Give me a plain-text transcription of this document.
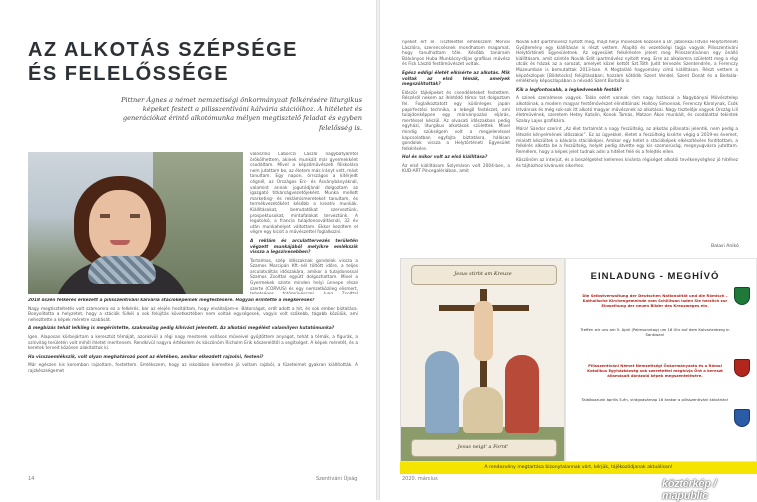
AZ ALKOTÁS SZÉPSÉGE
ÉS FELELŐSSÉGE
Pittner Ágnes a német nemzetiségi önkormányzat felkérésére liturgikus képeket festett a pilisszentiváni kálvária stációihoz. A hitéletet és generációkat érintő alkotómunka mélyen megtisztelő feladat és egyben felelősség is.

2018 őszén felkérés érkezett a pilisszentiváni kálvária stációképeinek megfestésére. Hogyan érintette a megkeresés?

Nagy megtiszteltetés volt számomra ez a felkérés, bár az elején hezitáltam, hogy elvállaljam-e. Bátorságot, erőt adott a hit, és sok ember biztatása. Bonyolította a helyzetet, hogy a stációk fülkéi a sok felújítás következtében nem voltak egységesek, vagyis volt szűkebb, tágabb közülük, ami nehezítette a képek méretre szabását.

A megbízás tehát lelkileg is megérintette, szakmailag pedig kihívást jelentett. Az alkotási megélést valamilyen kutatómunka?

Igen. Alaposan körbejártam a keresztút témáját, azonkívül a régi nagy mesterek vallásos műveivel gyűjtöttem anyagot, tehát a témák, a figurák, a színvilág területén volt mihől ihletet merítenem. Rendkívül nagyra értékelem és köszönöm Richolm Erik kőszerelőtől a segítséget. A képek méretét, és a keretek terveit közösen alakítottuk ki.

Ha visszaemlékszik, volt olyan meghatározó pont az életében, amikor elkezdett rajzolni, festeni?

Már egészen kis koromban rajzoltam, festettem. Emlékszem, hogy az iskolában kiemelten jó voltam rajzból, a füzeteimet gyakran kiállították. A rajzkészségemet

valószínű Laborczi László nagybátyámtól örökölhettem, akinek munkáit már gyermekként csodáltam. Mivel a képzőművészeti főiskolára nem jutottam be, az életem más irányt vett, mást tanultam. Egy napon, órrszágos a kitérjedt cégnél, az Országos Erc- és Ásványbányáknál, valamint annak jogutódjánál dolgoztam az igazgató titkárságvezetőjeként. Munka mellett marketing- és reklámismereteket tanultam, és termékvezetőként később a kreatív munkák. Kiállításokat, bemutatókat szerveztünk, prospektusokat, mintafalakat terveztünk. A legutolsó, a francia tulajdonosváltásnál, 32 év után munkahelyet váltottam. Ekkor kezdtem el végre egy kicsit a művészettel foglalkozni.

A reklám és arculattervezés területén végzett munkájából melyikre emlékszik vissza a legszívesebben?

Tartalmas, szép időszaknak gondolok vissza a Szamos Marcipán Kft.-nél töltött időre, a teljes arculatváltás időszakára, amikor a tulajdonossal Szamos Zsolttal együtt dolgozhattam. Mivel a Gyermekek szinte minden helyi ünnepe része szerte (CORVUS) és egy nemzetközileg elismert,

14	Szentiváni Újság

nyeket ért el. Tisztelettel emlékszem Morvai Lászlóra, szerencsésnek mondhatom magamat, hogy tanulhattam tőle. Később tanáraim Bálványos Huba Munkácsy-díjas grafikus művész és Fick László festőművészet voltak.

Egész eddigi életét elkísérte az alkotás. Mik voltak az első témák, amelyek megszólították?

Először tájképeket és csendéleteket festettem. Részéről nekem az ihletődő téma: tat dolgoztam fel. Foglalkoztatott egy különleges japán papírfestési technika, a lebegő festészet, ami tulajdonképpen egy márványozási eljárás, mertéssel készül. Az olvasati időszakban pedig egyházi, liturgikus alkotások születtek. Mivel mindig szükségem volt a megjelenéssel kapcsolatban egyfajta biztatásra, hálásan gondolok vissza a Helytörténeti Egyesület felkérésére.

Hol és mikor volt az első kiállítása?

Az első kiállításom Solymáron volt 2004-ben, a KUD-ART Pincegalériában, amit

Novák Edit ipartművész nyitott meg, majd helyi művészek közösen a Dr. Jablonkai István Helytörténeti Gyűjtemény egy kiállításán is részt vettem. Alapító és vezetőségi tagja vagyok Pilisszentiváni Helytörténeti Egyesületnek. Az egyesület felkérésére jelent meg Pilisszentivánon egy önálló kiállításom, amit szintén Novák Edit ipartművész nyitott meg. Erre az alkalomra született meg a régi utcák és házak az a sorozat, amelyet közel kettőt Szt.Tóth Judit tervezés Szentendrén, a Ferenczy Múzeumban is bemutattak 2013-ban. A Megtaláló hagyomány című kiállításon. Részt vettem a képzőszlopok [Bildstocks] felújításában; hozzám kötődik Szent Vendel, Szent Donát és a Borbála-emlékhely képoszlopában a névadó Szent Borbála is.

Kik a legfontosabb, a legkedvesebb festők?

A szinek szeralmese vagyok. Talán ezért vannak rám nagy hatással a Nagybányai Művésztelep alkotóinak, a modern magyar festőművészet elindítóinak: Hollósy Simonnak, Ferenczy Károlynak, Csók Istvánnak és még sok-sok itt alkotó magyar művésznek az alkotásai. Nagy tisztelője vagyok Ország Lili életművének, szeretem Hetey Katalin, Konok Tamás, Matzon Ákos munkáit, és csodálattal tekintek Szalay Lajos grafikáira.

Mára! Sándor szerint „Az élet tartalmát a nagy feszültség, az alkotás pillanatai jelentik, nem pedig a létezés kényelmének időszakai”. Ez az ügyekkel, életet a feszültség kisérte végig a 2019-es évemet, mialatt készültek a kálvária stációképei. Amikor egy hetet a stációképek elkészítésére fordítottam, a felkérés alkotta be a feszültség, helyét pedig átvette egy kis szomorúság, megnyugvásra jutottam. Remélem, hogy a képek jelet tudnak adni a hitélet felé és a felejtés ellen.

Köszönöm az interjút, és a beszélgetést kellemes kívánta régiséget alkotói tevékenységhez jó hitéhez és tájházhoz kívánunk sikerhez.

2020. március
Balasi Anikó
Jesus stirbt am Kreuze
Jesus neigt' a Fornt'
EINLADUNG - MEGHÍVÓ
Die Selbstverwaltung der Deutschen Nationalität und die Römisch – Katholische Kirchengemeinde vom Schilliwan laden Sie herzlich zur Einweihung der neuen Bilder des Kreuzweges ein.
Treffen wir uns am 5. April (Palmsonntag) um 16 Uhr auf dem Kalvarienberg in Santiwan!
Pilisszentiváni Német Nemzetiségi Önkormányzata és a Római Katolikus Egyházközség sok szeretettel meghívja Önt a kereszt állomásait ábrázoló képek megszentelésére.
Találkozzunk április 5-én, virágvasárnap 16 órakor a pilisszentiváni kálvárián!
A rendezvény megtartása bizonytalannak várt, kérjük, tájékozódjanak aktuálisan!
köztérkép / mapublic
